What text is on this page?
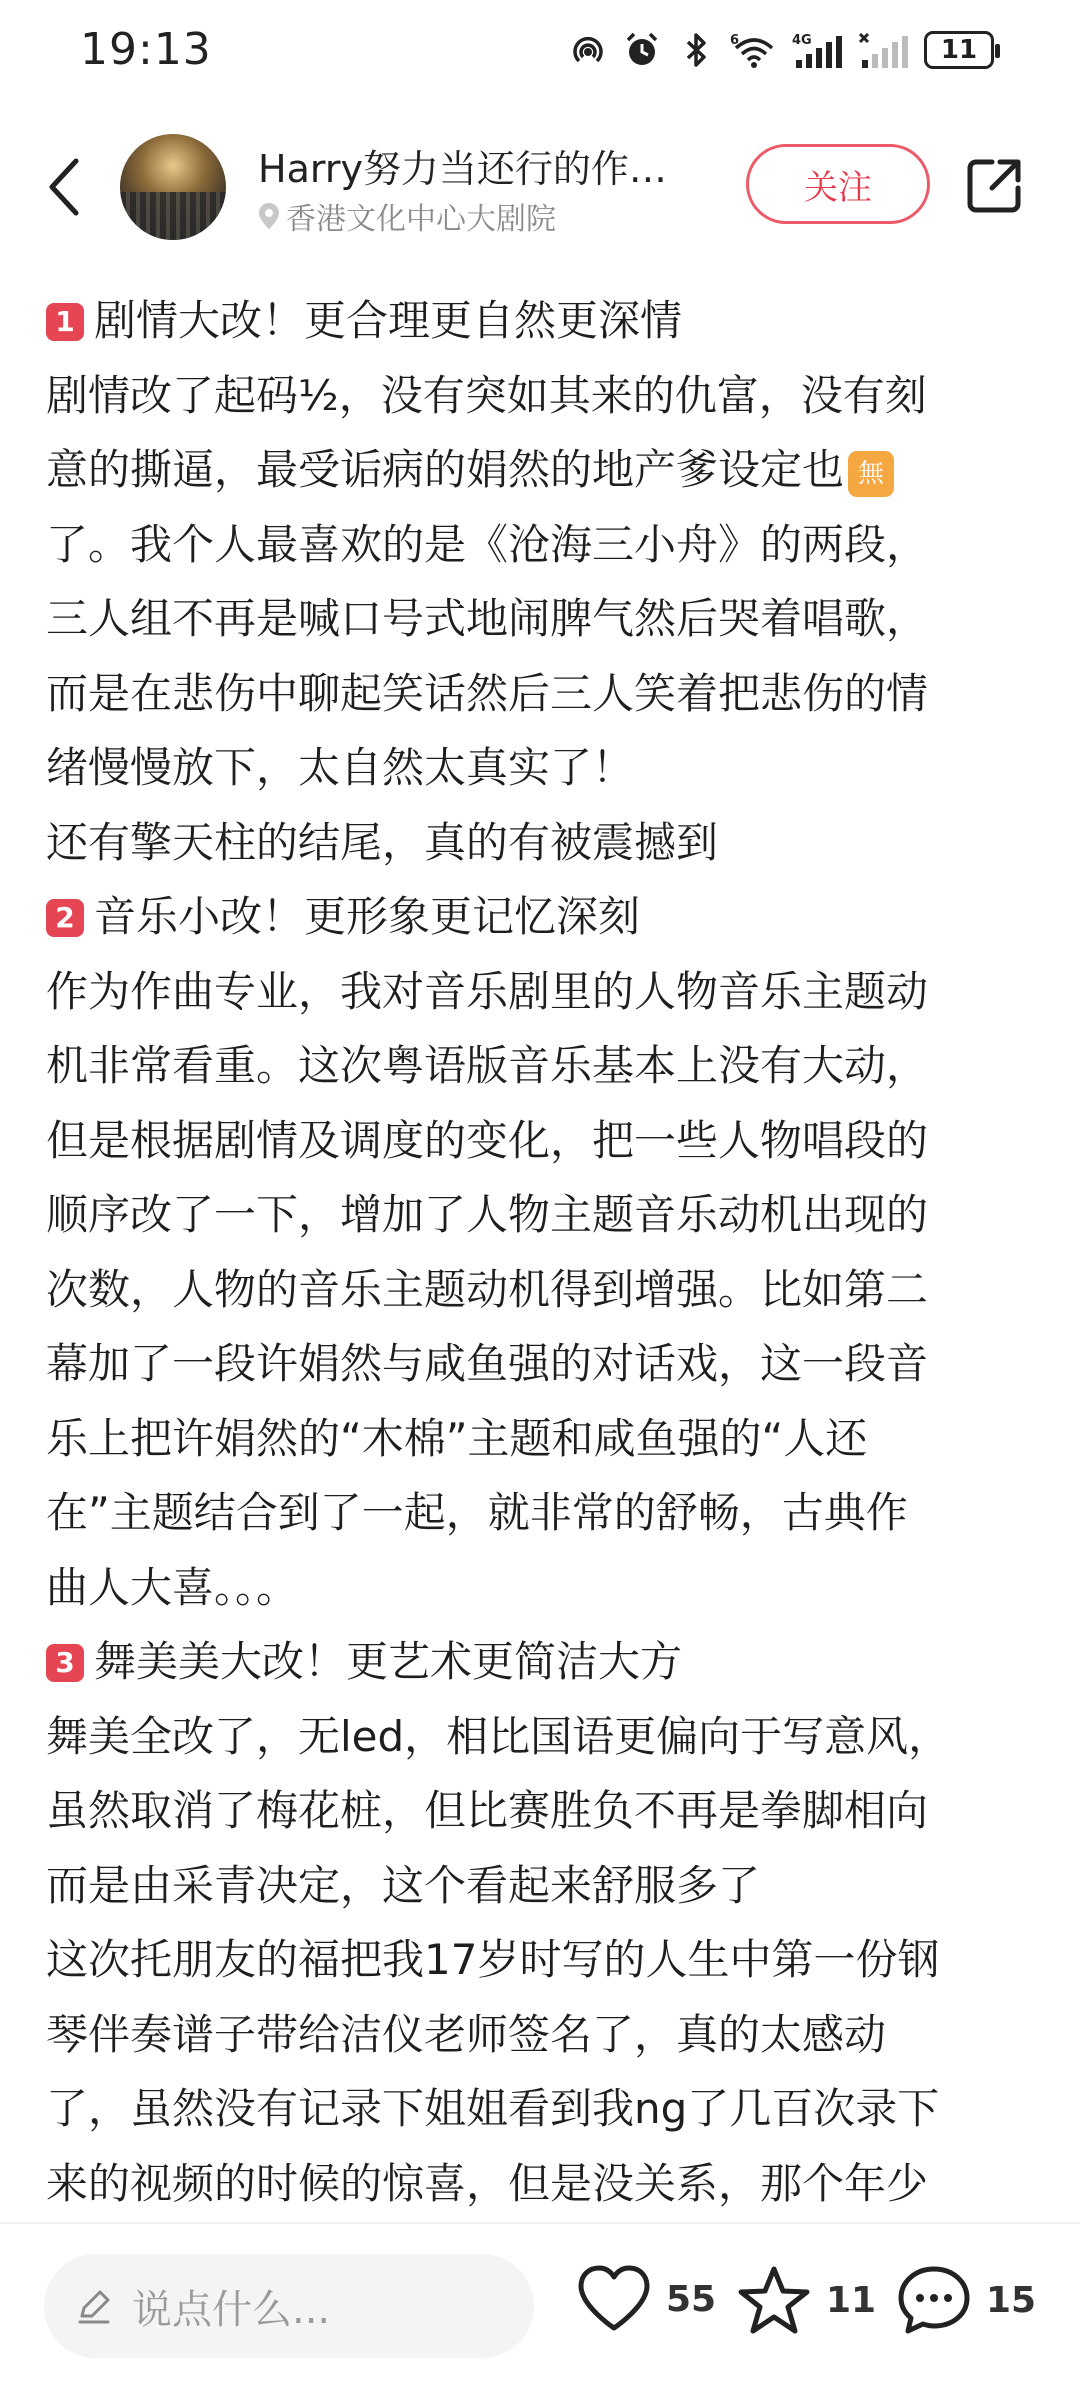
19:13	6	4G	11
Harry努力当还行的作…
香港文化中心大剧院
关注
1 剧情大改！更合理更自然更深情
剧情改了起码½，没有突如其来的仇富，没有刻
意的撕逼，最受诟病的娟然的地产爹设定也 無
了。我个人最喜欢的是《沧海三小舟》的两段，
三人组不再是喊口号式地闹脾气然后哭着唱歌，
而是在悲伤中聊起笑话然后三人笑着把悲伤的情
绪慢慢放下，太自然太真实了！
还有擎天柱的结尾，真的有被震撼到
2 音乐小改！更形象更记忆深刻
作为作曲专业，我对音乐剧里的人物音乐主题动
机非常看重。这次粤语版音乐基本上没有大动，
但是根据剧情及调度的变化，把一些人物唱段的
顺序改了一下，增加了人物主题音乐动机出现的
次数，人物的音乐主题动机得到增强。比如第二
幕加了一段许娟然与咸鱼强的对话戏，这一段音
乐上把许娟然的“木棉”主题和咸鱼强的“人还
在”主题结合到了一起，就非常的舒畅，古典作
曲人大喜。。。
3 舞美美大改！更艺术更简洁大方
舞美全改了，无led，相比国语更偏向于写意风，
虽然取消了梅花桩，但比赛胜负不再是拳脚相向
而是由采青决定，这个看起来舒服多了
这次托朋友的福把我17岁时写的人生中第一份钢
琴伴奏谱子带给洁仪老师签名了，真的太感动
了，虽然没有记录下姐姐看到我ng了几百次录下
来的视频的时候的惊喜，但是没关系，那个年少
说点什么...	55	11	15
